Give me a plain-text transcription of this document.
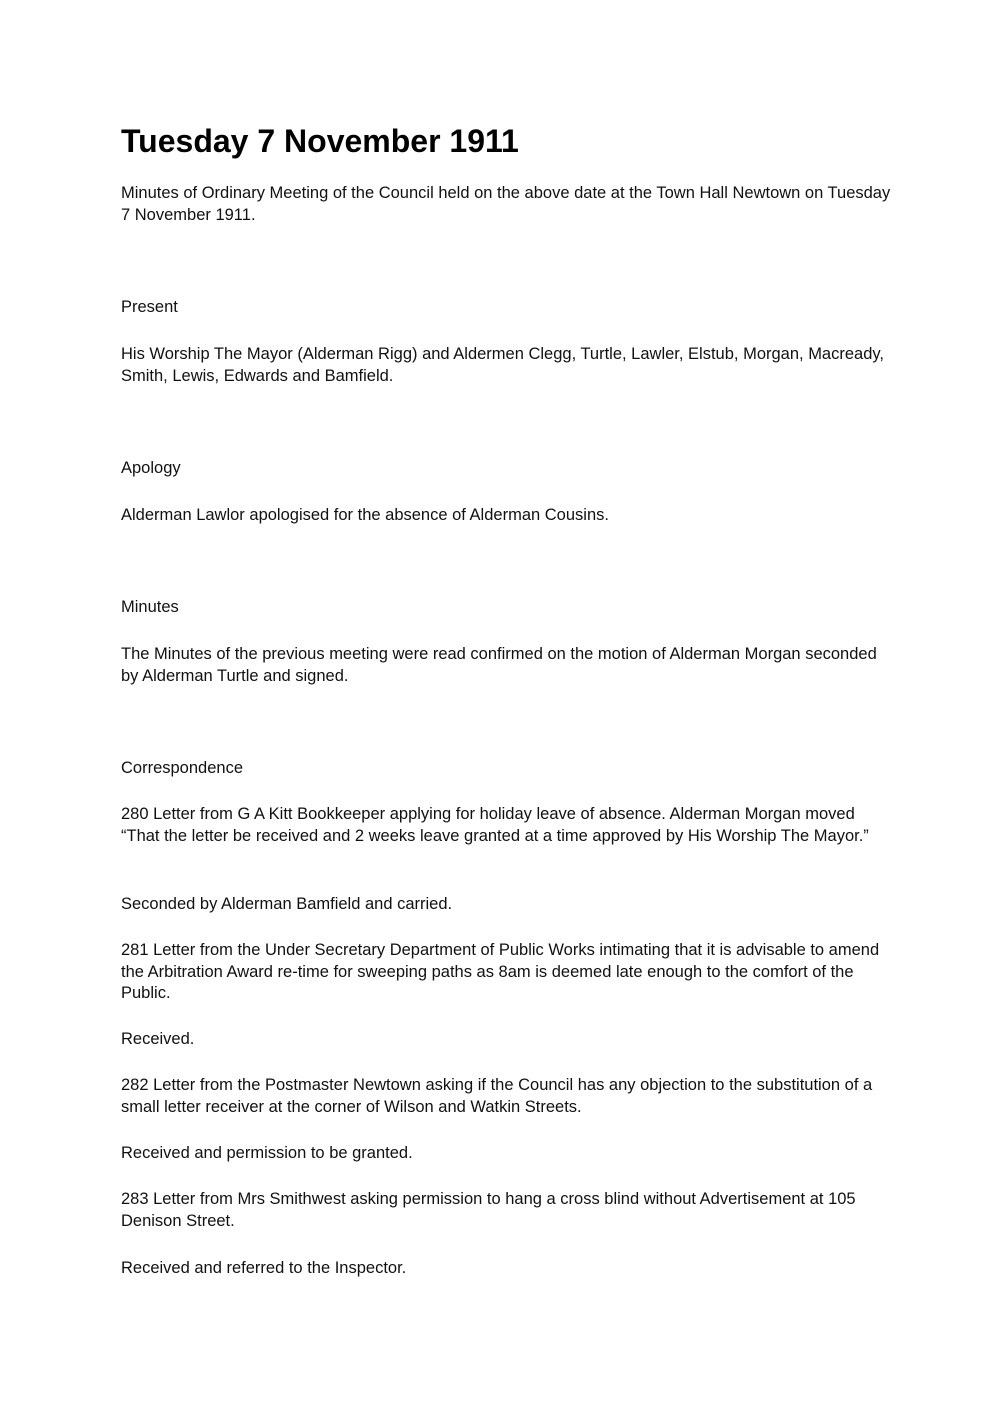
Tuesday 7 November 1911

Minutes of Ordinary Meeting of the Council held on the above date at the Town Hall Newtown on Tuesday 7 November 1911.

Present

His Worship The Mayor (Alderman Rigg) and Aldermen Clegg, Turtle, Lawler, Elstub, Morgan, Macready, Smith, Lewis, Edwards and Bamfield.

Apology

Alderman Lawlor apologised for the absence of Alderman Cousins.

Minutes

The Minutes of the previous meeting were read confirmed on the motion of Alderman Morgan seconded by Alderman Turtle and signed.

Correspondence

280 Letter from G A Kitt Bookkeeper applying for holiday leave of absence. Alderman Morgan moved “That the letter be received and 2 weeks leave granted at a time approved by His Worship The Mayor.”

Seconded by Alderman Bamfield and carried.

281 Letter from the Under Secretary Department of Public Works intimating that it is advisable to amend the Arbitration Award re-time for sweeping paths as 8am is deemed late enough to the comfort of the Public.

Received.

282 Letter from the Postmaster Newtown asking if the Council has any objection to the substitution of a small letter receiver at the corner of Wilson and Watkin Streets.

Received and permission to be granted.

283 Letter from Mrs Smithwest asking permission to hang a cross blind without Advertisement at 105 Denison Street.

Received and referred to the Inspector.
